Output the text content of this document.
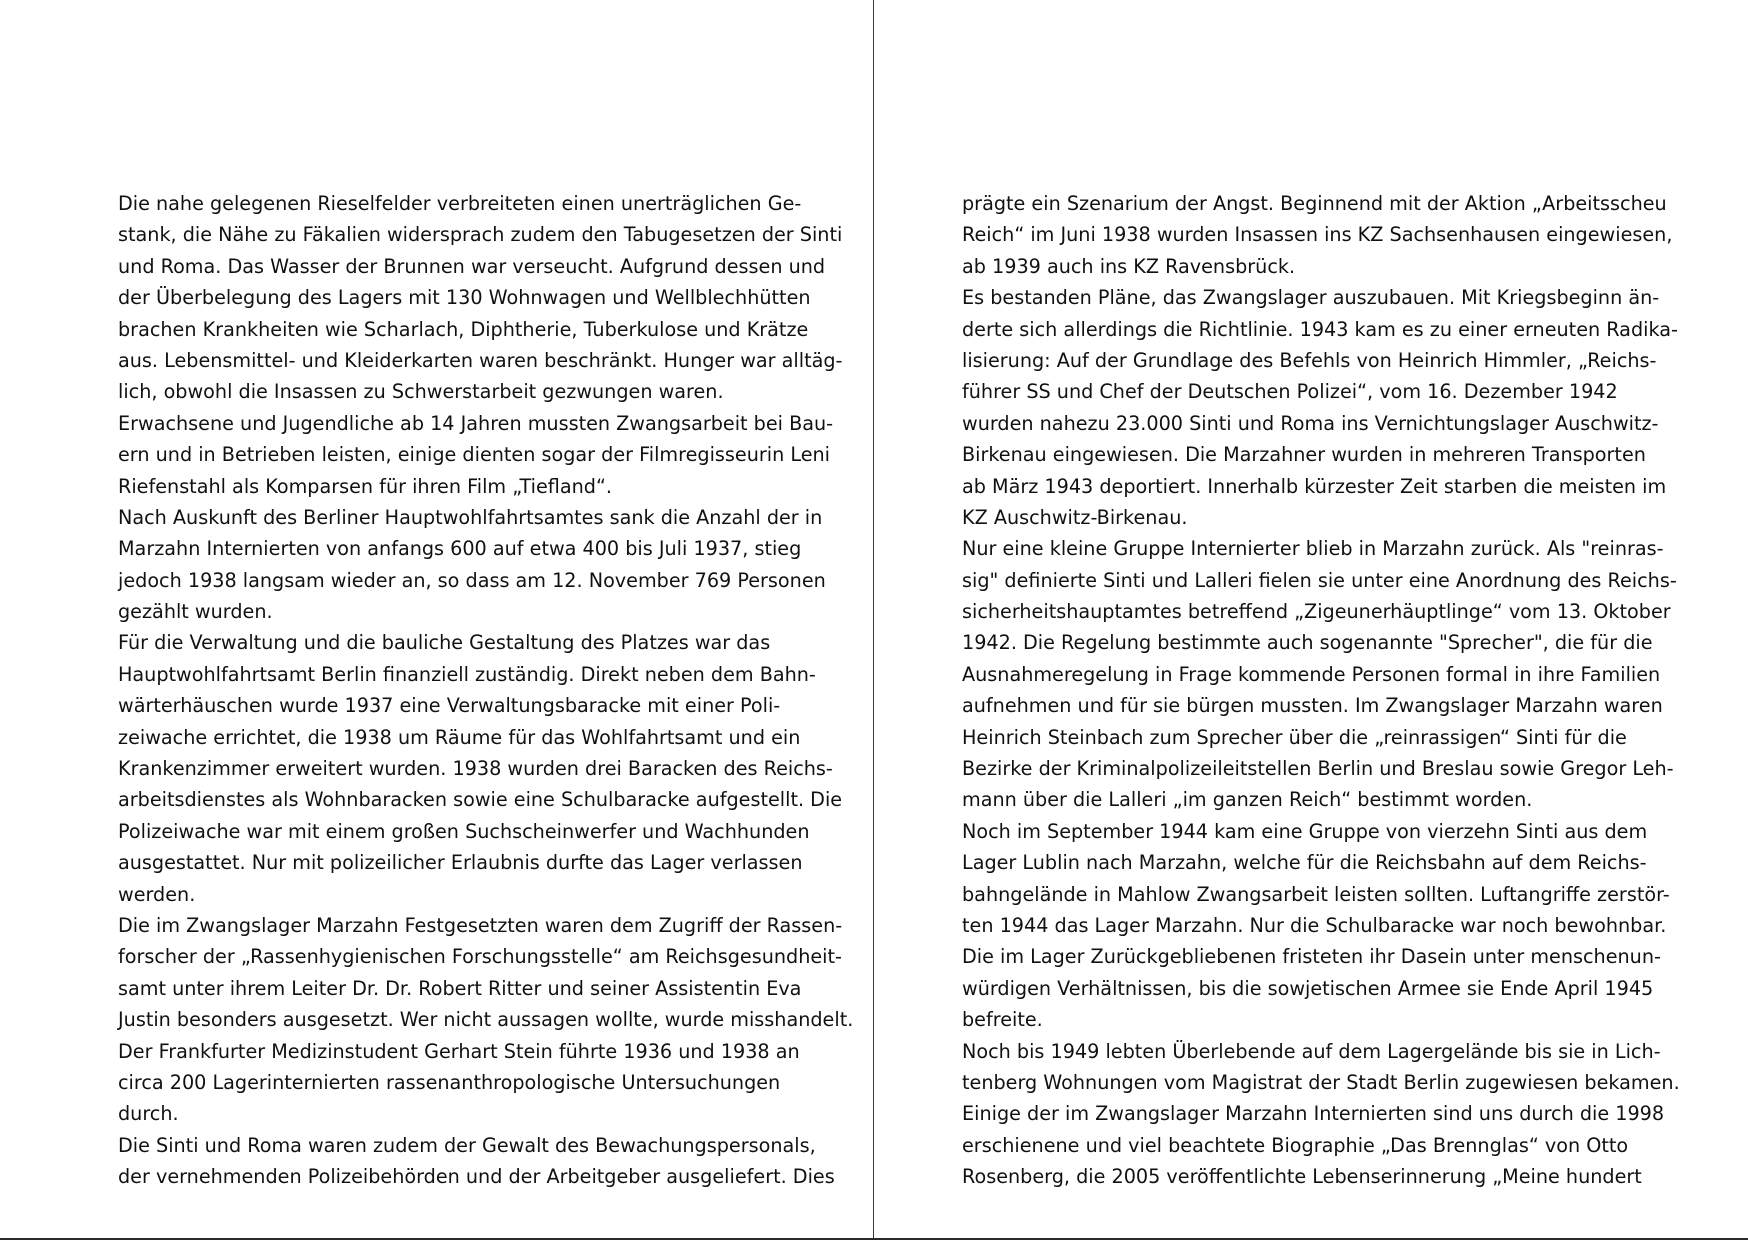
Die nahe gelegenen Rieselfelder verbreiteten einen unerträglichen Ge-
stank, die Nähe zu Fäkalien widersprach zudem den Tabugesetzen der Sinti
und Roma. Das Wasser der Brunnen war verseucht. Aufgrund dessen und
der Überbelegung des Lagers mit 130 Wohnwagen und Wellblechhütten
brachen Krankheiten wie Scharlach, Diphtherie, Tuberkulose und Krätze
aus. Lebensmittel- und Kleiderkarten waren beschränkt. Hunger war alltäg-
lich, obwohl die Insassen zu Schwerstarbeit gezwungen waren.
Erwachsene und Jugendliche ab 14 Jahren mussten Zwangsarbeit bei Bau-
ern und in Betrieben leisten, einige dienten sogar der Filmregisseurin Leni
Riefenstahl als Komparsen für ihren Film „Tiefland“.
Nach Auskunft des Berliner Hauptwohlfahrtsamtes sank die Anzahl der in
Marzahn Internierten von anfangs 600 auf etwa 400 bis Juli 1937, stieg
jedoch 1938 langsam wieder an, so dass am 12. November 769 Personen
gezählt wurden.
Für die Verwaltung und die bauliche Gestaltung des Platzes war das
Hauptwohlfahrtsamt Berlin finanziell zuständig. Direkt neben dem Bahn-
wärterhäuschen wurde 1937 eine Verwaltungsbaracke mit einer Poli-
zeiwache errichtet, die 1938 um Räume für das Wohlfahrtsamt und ein
Krankenzimmer erweitert wurden. 1938 wurden drei Baracken des Reichs-
arbeitsdienstes als Wohnbaracken sowie eine Schulbaracke aufgestellt. Die
Polizeiwache war mit einem großen Suchscheinwerfer und Wachhunden
ausgestattet. Nur mit polizeilicher Erlaubnis durfte das Lager verlassen
werden.
Die im Zwangslager Marzahn Festgesetzten waren dem Zugriff der Rassen-
forscher der „Rassenhygienischen Forschungsstelle“ am Reichsgesundheit-
samt unter ihrem Leiter Dr. Dr. Robert Ritter und seiner Assistentin Eva
Justin besonders ausgesetzt. Wer nicht aussagen wollte, wurde misshandelt.
Der Frankfurter Medizinstudent Gerhart Stein führte 1936 und 1938 an
circa 200 Lagerinternierten rassenanthropologische Untersuchungen
durch.
Die Sinti und Roma waren zudem der Gewalt des Bewachungspersonals,
der vernehmenden Polizeibehörden und der Arbeitgeber ausgeliefert. Dies
prägte ein Szenarium der Angst. Beginnend mit der Aktion „Arbeitsscheu
Reich“ im Juni 1938 wurden Insassen ins KZ Sachsenhausen eingewiesen,
ab 1939 auch ins KZ Ravensbrück.
Es bestanden Pläne, das Zwangslager auszubauen. Mit Kriegsbeginn än-
derte sich allerdings die Richtlinie. 1943 kam es zu einer erneuten Radika-
lisierung: Auf der Grundlage des Befehls von Heinrich Himmler, „Reichs-
führer SS und Chef der Deutschen Polizei“, vom 16. Dezember 1942
wurden nahezu 23.000 Sinti und Roma ins Vernichtungslager Auschwitz-
Birkenau eingewiesen. Die Marzahner wurden in mehreren Transporten
ab März 1943 deportiert. Innerhalb kürzester Zeit starben die meisten im
KZ Auschwitz-Birkenau.
Nur eine kleine Gruppe Internierter blieb in Marzahn zurück. Als "reinras-
sig" definierte Sinti und Lalleri fielen sie unter eine Anordnung des Reichs-
sicherheitshauptamtes betreffend „Zigeunerhäuptlinge“ vom 13. Oktober
1942. Die Regelung bestimmte auch sogenannte "Sprecher", die für die
Ausnahmeregelung in Frage kommende Personen formal in ihre Familien
aufnehmen und für sie bürgen mussten. Im Zwangslager Marzahn waren
Heinrich Steinbach zum Sprecher über die „reinrassigen“ Sinti für die
Bezirke der Kriminalpolizeileitstellen Berlin und Breslau sowie Gregor Leh-
mann über die Lalleri „im ganzen Reich“ bestimmt worden.
Noch im September 1944 kam eine Gruppe von vierzehn Sinti aus dem
Lager Lublin nach Marzahn, welche für die Reichsbahn auf dem Reichs-
bahngelände in Mahlow Zwangsarbeit leisten sollten. Luftangriffe zerstör-
ten 1944 das Lager Marzahn. Nur die Schulbaracke war noch bewohnbar.
Die im Lager Zurückgebliebenen fristeten ihr Dasein unter menschenun-
würdigen Verhältnissen, bis die sowjetischen Armee sie Ende April 1945
befreite.
Noch bis 1949 lebten Überlebende auf dem Lagergelände bis sie in Lich-
tenberg Wohnungen vom Magistrat der Stadt Berlin zugewiesen bekamen.
Einige der im Zwangslager Marzahn Internierten sind uns durch die 1998
erschienene und viel beachtete Biographie „Das Brennglas“ von Otto
Rosenberg, die 2005 veröffentlichte Lebenserinnerung „Meine hundert
